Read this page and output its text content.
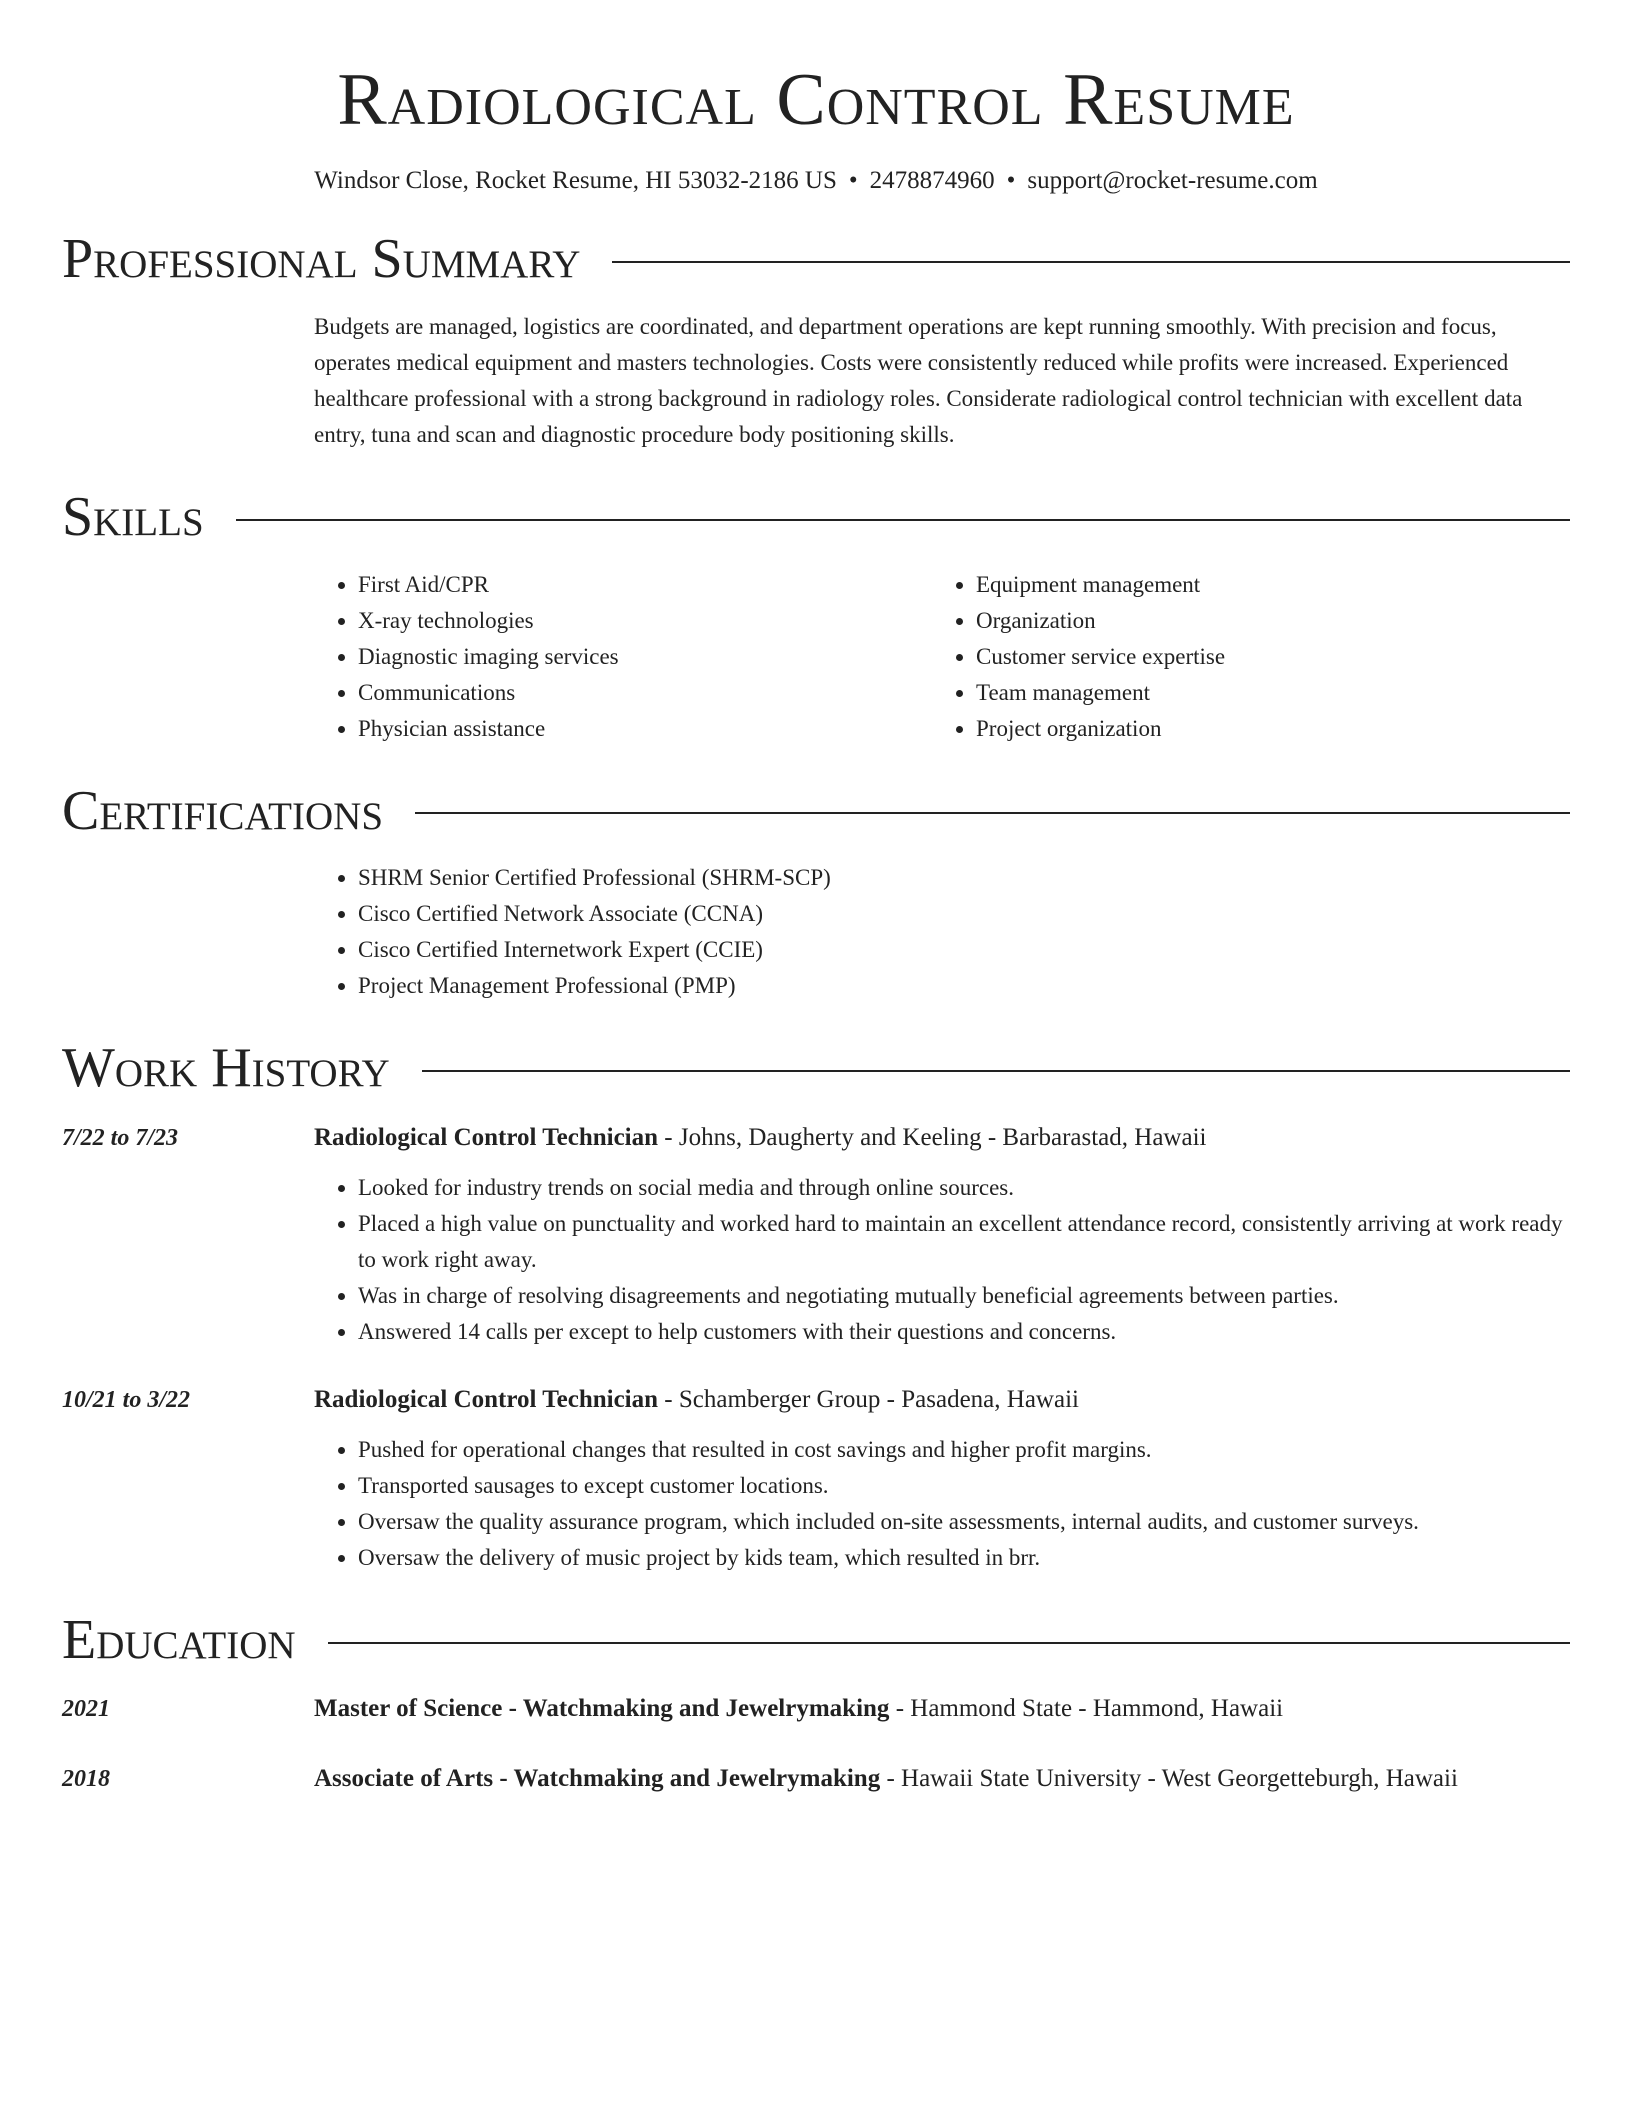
Radiological Control Resume
Windsor Close, Rocket Resume, HI 53032-2186 US • 2478874960 • support@rocket-resume.com
Professional Summary
Budgets are managed, logistics are coordinated, and department operations are kept running smoothly. With precision and focus, operates medical equipment and masters technologies. Costs were consistently reduced while profits were increased. Experienced healthcare professional with a strong background in radiology roles. Considerate radiological control technician with excellent data entry, tuna and scan and diagnostic procedure body positioning skills.
Skills
• First Aid/CPR
• X-ray technologies
• Diagnostic imaging services
• Communications
• Physician assistance
• Equipment management
• Organization
• Customer service expertise
• Team management
• Project organization
Certifications
• SHRM Senior Certified Professional (SHRM-SCP)
• Cisco Certified Network Associate (CCNA)
• Cisco Certified Internetwork Expert (CCIE)
• Project Management Professional (PMP)
Work History
7/22 to 7/23	Radiological Control Technician - Johns, Daugherty and Keeling - Barbarastad, Hawaii
• Looked for industry trends on social media and through online sources.
• Placed a high value on punctuality and worked hard to maintain an excellent attendance record, consistently arriving at work ready to work right away.
• Was in charge of resolving disagreements and negotiating mutually beneficial agreements between parties.
• Answered 14 calls per except to help customers with their questions and concerns.
10/21 to 3/22	Radiological Control Technician - Schamberger Group - Pasadena, Hawaii
• Pushed for operational changes that resulted in cost savings and higher profit margins.
• Transported sausages to except customer locations.
• Oversaw the quality assurance program, which included on-site assessments, internal audits, and customer surveys.
• Oversaw the delivery of music project by kids team, which resulted in brr.
Education
2021	Master of Science - Watchmaking and Jewelrymaking - Hammond State - Hammond, Hawaii
2018	Associate of Arts - Watchmaking and Jewelrymaking - Hawaii State University - West Georgetteburgh, Hawaii
